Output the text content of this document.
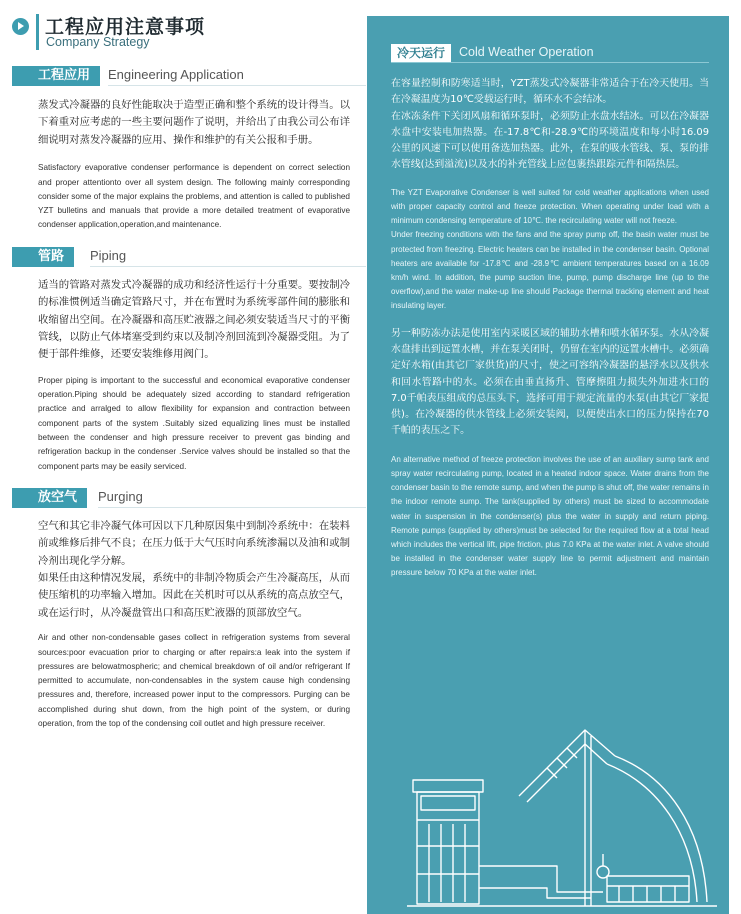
工程应用注意事项
Company Strategy
工程应用	Engineering Application

蒸发式冷凝器的良好性能取决于造型正确和整个系统的设计得当。以下着重对应考虑的一些主要问题作了说明，并给出了由我公司公布详细说明对蒸发冷凝器的应用、操作和维护的有关公报和手册。

Satisfactory evaporative condenser performance is dependent on correct selection and proper attentionto over all system design. The following mainly corresponding consider some of the major explains the problems, and attention is called to published YZT bulletins and manuals that provide a more detailed treatment of evaporative condenser application,operation,and maintenance.

管路	Piping

适当的管路对蒸发式冷凝器的成功和经济性运行十分重要。要按制冷的标准惯例适当确定管路尺寸，并在布置时为系统零部件间的膨胀和收缩留出空间。在冷凝器和高压贮液器之间必须安装适当尺寸的平衡管线，以防止气体堵塞受到约束以及制冷剂回流到冷凝器受阻。为了便于部件维修，还要安装维修用阀门。

Proper piping is important to the successful and economical evaporative condenser operation.Piping should be adequately sized according to standard refrigeration practice and arralged to allow flexibility for expansion and contraction between component parts of the system .Suitably sized equalizing lines must be installed between the condenser and high pressure receiver to prevent gas binding and refrigeration backup in the condenser .Service valves should be installed so that the component parts may be easily serviced.

放空气	Purging

空气和其它非冷凝气体可因以下几种原因集中到制冷系统中：在装料前或维修后排气不良；在压力低于大气压时向系统渗漏以及油和或制冷剂出现化学分解。

如果任由这种情况发展，系统中的非制冷物质会产生冷凝高压，从而使压缩机的功率输入增加。因此在关机时可以从系统的高点放空气，或在运行时，从冷凝盘管出口和高压贮液器的顶部放空气。

Air and other non-condensable gases collect in refrigeration systems from several sources:poor evacuation prior to charging or after repairs:a leak into the system if pressures are belowatmospheric; and chemical breakdown of oil and/or refrigerant If permitted to accumulate, non-condensables in the system cause high condensing pressures and, therefore, increased power input to the compressors. Purging can be accomplished during shut down, from the high point of the system, or during operation, from the top of the condensing coil outlet and high pressure receiver.

冷天运行	Cold Weather Operation

在容量控制和防寒适当时，YZT蒸发式冷凝器非常适合于在冷天使用。当在冷凝温度为10℃受载运行时，循环水不会结冰。

在冰冻条件下关闭风扇和循环泵时，必须防止水盘水结冰。可以在冷凝器水盘中安装电加热器。在-17.8℃和-28.9℃的环境温度和每小时16.09公里的风速下可以使用备选加热器。此外，在泵的吸水管线、泵、泵的排水管线(达到溢流)以及水的补充管线上应包裹热跟踪元件和隔热层。

The YZT Evaporative Condenser is well suited for cold weather applications when used with proper capacity control and freeze protection. When operating under load with a minimum condensing temperature of 10℃. the recirculating water will not freeze.

Under freezing conditions with the fans and the spray pump off, the basin water must be protected from freezing. Electric heaters can be installed in the condenser basin. Optional heaters are available for -17.8℃ and -28.9℃ ambient temperatures based on a 16.09 km/h wind. In addition, the pump suction line, pump, pump discharge line (up to the overflow),and the water make-up line should Package thermal tracking element and heat insulating layer.

另一种防冻办法是使用室内采暖区域的辅助水槽和喷水循环泵。水从冷凝水盘排出到远置水槽，并在泵关闭时，仍留在室内的远置水槽中。必须确定好水箱(由其它厂家供货)的尺寸，使之可容纳冷凝器的悬浮水以及供水和回水管路中的水。必须在由垂直扬升、管摩擦阻力损失外加进水口的7.0千帕表压组成的总压头下，选择可用于规定流量的水泵(由其它厂家提供)。在冷凝器的供水管线上必须安装阀，以便使出水口的压力保持在70千帕的表压之下。

An alternative method of freeze protection involves the use of an auxiliary sump tank and spray water recirculating pump, located in a heated indoor space. Water drains from the condenser basin to the remote sump, and when the pump is shut off, the water remains in the indoor remote sump. The tank(supplied by others) must be sized to accommodate water in suspension in the condenser(s) plus the water in supply and return piping. Remote pumps (supplied by others)must be selected for the required flow at a total head which includes the vertical lift, pipe friction, plus 7.0 KPa at the water inlet. A valve should be installed in the condenser water supply line to permit adjustment and maintain pressure below 70 KPa at the water inlet.
